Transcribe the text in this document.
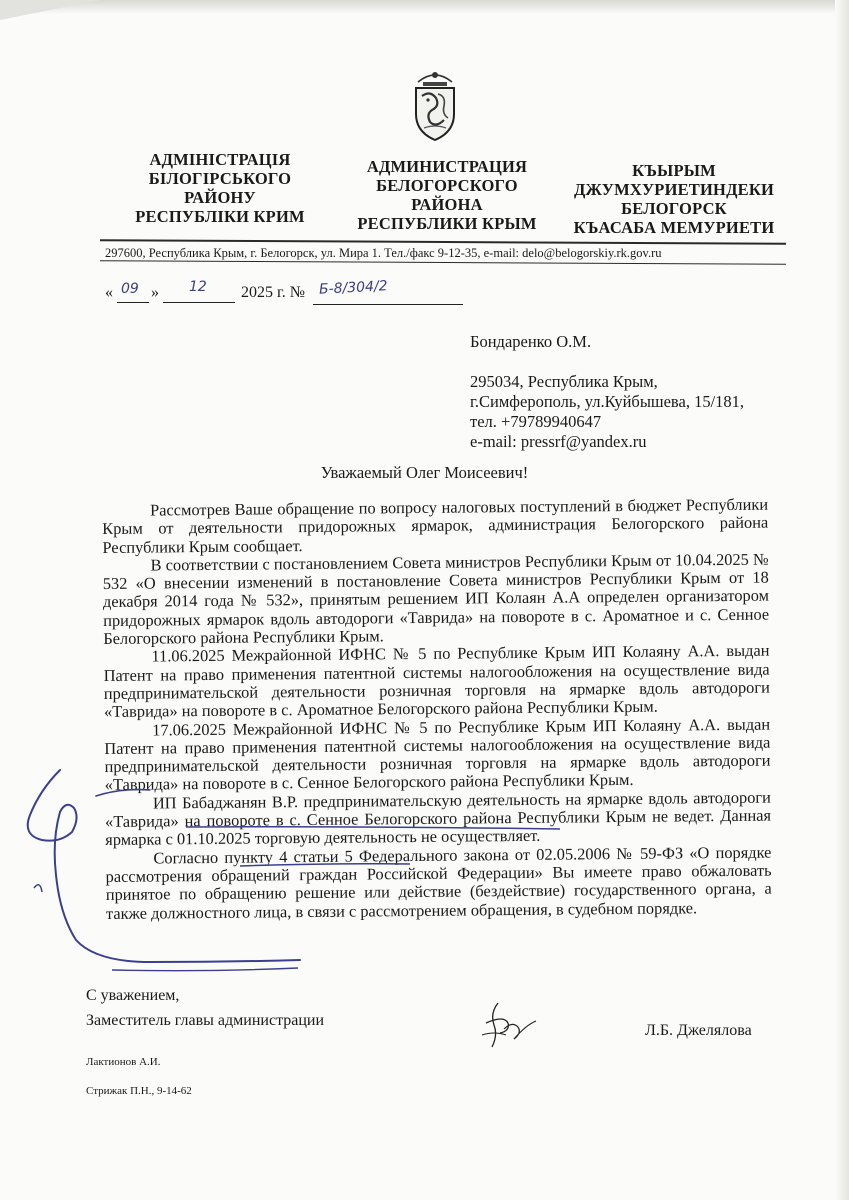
АДМІНІСТРАЦІЯ
БІЛОГІРСЬКОГО
РАЙОНУ
РЕСПУБЛІКИ КРИМ
АДМИНИСТРАЦИЯ
БЕЛОГОРСКОГО
РАЙОНА
РЕСПУБЛИКИ КРЫМ
КЪЫРЫМ
ДЖУМХУРИЕТИНДЕКИ
БЕЛОГОРСК
КЪАСАБА МЕМУРИЕТИ
297600, Республика Крым, г. Белогорск, ул. Мира 1. Тел./факс 9-12-35, e-mail: delo@belogorskiy.rk.gov.ru
« 09 » 12 2025 г. № Б-8/304/2
Бондаренко О.М.
295034, Республика Крым,
г.Симферополь, ул.Куйбышева, 15/181,
тел. +79789940647
e-mail: pressrf@yandex.ru
Уважаемый Олег Моисеевич!

Рассмотрев Ваше обращение по вопросу налоговых поступлений в бюджет Республики Крым от деятельности придорожных ярмарок, администрация Белогорского района Республики Крым сообщает.

В соответствии с постановлением Совета министров Республики Крым от 10.04.2025 № 532 «О внесении изменений в постановление Совета министров Республики Крым от 18 декабря 2014 года № 532», принятым решением ИП Колаян А.А определен организатором придорожных ярмарок вдоль автодороги «Таврида» на повороте в с. Ароматное и с. Сенное Белогорского района Республики Крым.

11.06.2025 Межрайонной ИФНС № 5 по Республике Крым ИП Колаяну А.А. выдан Патент на право применения патентной системы налогообложения на осуществление вида предпринимательской деятельности розничная торговля на ярмарке вдоль автодороги «Таврида» на повороте в с. Ароматное Белогорского района Республики Крым.

17.06.2025 Межрайонной ИФНС № 5 по Республике Крым ИП Колаяну А.А. выдан Патент на право применения патентной системы налогообложения на осуществление вида предпринимательской деятельности розничная торговля на ярмарке вдоль автодороги «Таврида» на повороте в с. Сенное Белогорского района Республики Крым.

ИП Бабаджанян В.Р. предпринимательскую деятельность на ярмарке вдоль автодороги «Таврида» на повороте в с. Сенное Белогорского района Республики Крым не ведет. Данная ярмарка с 01.10.2025 торговую деятельность не осуществляет.

Согласно пункту 4 статьи 5 Федерального закона от 02.05.2006 № 59-ФЗ «О порядке рассмотрения обращений граждан Российской Федерации» Вы имеете право обжаловать принятое по обращению решение или действие (бездействие) государственного органа, а также должностного лица, в связи с рассмотрением обращения, в судебном порядке.

С уважением,
Заместитель главы администрации
Л.Б. Джелялова
Лактионов А.И.
Стрижак П.Н., 9-14-62
